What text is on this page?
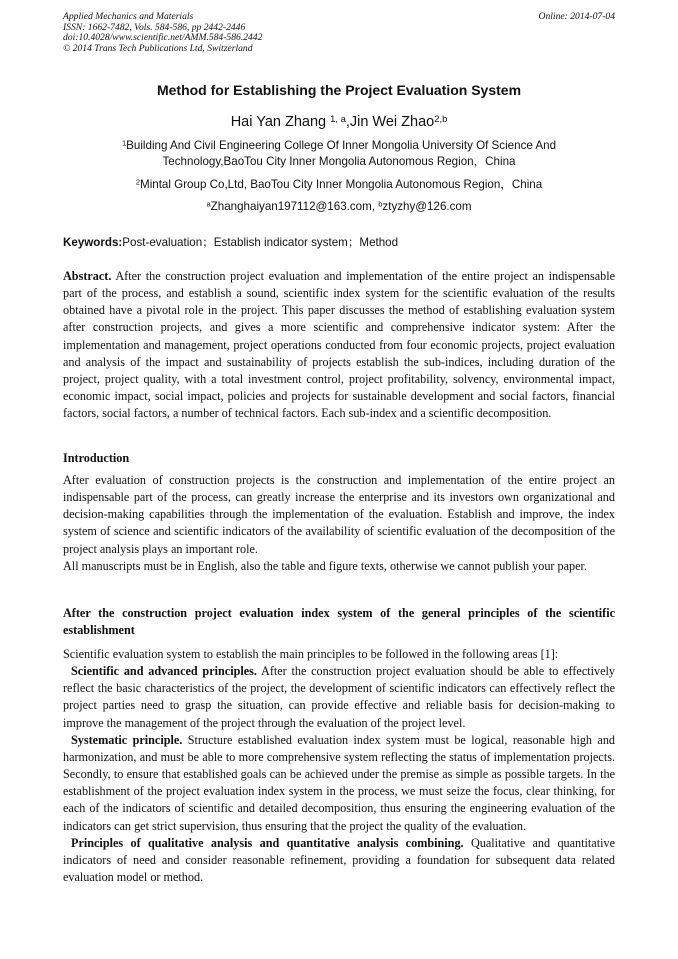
Applied Mechanics and Materials
ISSN: 1662-7482, Vols. 584-586, pp 2442-2446
doi:10.4028/www.scientific.net/AMM.584-586.2442
© 2014 Trans Tech Publications Ltd, Switzerland
Online: 2014-07-04
Method for Establishing the Project Evaluation System
Hai Yan Zhang $^{1, a}$,Jin Wei Zhao$^{2,b}$
$^1$Building And Civil Engineering College Of Inner Mongolia University Of Science And
Technology,BaoTou City Inner Mongolia Autonomous Region，China
$^2$Mintal Group Co,Ltd, BaoTou City Inner Mongolia Autonomous Region，China
$^a$Zhanghaiyan197112@163.com, $^b$ztyzhy@126.com
Keywords:Post-evaluation；Establish indicator system；Method

Abstract. After the construction project evaluation and implementation of the entire project an indispensable part of the process, and establish a sound, scientific index system for the scientific evaluation of the results obtained have a pivotal role in the project. This paper discusses the method of establishing evaluation system after construction projects, and gives a more scientific and comprehensive indicator system: After the implementation and management, project operations conducted from four economic projects, project evaluation and analysis of the impact and sustainability of projects establish the sub-indices, including duration of the project, project quality, with a total investment control, project profitability, solvency, environmental impact, economic impact, social impact, policies and projects for sustainable development and social factors, financial factors, social factors, a number of technical factors. Each sub-index and a scientific decomposition.

Introduction

After evaluation of construction projects is the construction and implementation of the entire project an indispensable part of the process, can greatly increase the enterprise and its investors own organizational and decision-making capabilities through the implementation of the evaluation. Establish and improve, the index system of science and scientific indicators of the availability of scientific evaluation of the decomposition of the project analysis plays an important role.

All manuscripts must be in English, also the table and figure texts, otherwise we cannot publish your paper.

After the construction project evaluation index system of the general principles of the scientific establishment

Scientific evaluation system to establish the main principles to be followed in the following areas [1]:

Scientific and advanced principles. After the construction project evaluation should be able to effectively reflect the basic characteristics of the project, the development of scientific indicators can effectively reflect the project parties need to grasp the situation, can provide effective and reliable basis for decision-making to improve the management of the project through the evaluation of the project level.

Systematic principle. Structure established evaluation index system must be logical, reasonable high and harmonization, and must be able to more comprehensive system reflecting the status of implementation projects. Secondly, to ensure that established goals can be achieved under the premise as simple as possible targets. In the establishment of the project evaluation index system in the process, we must seize the focus, clear thinking, for each of the indicators of scientific and detailed decomposition, thus ensuring the engineering evaluation of the indicators can get strict supervision, thus ensuring that the project the quality of the evaluation.

Principles of qualitative analysis and quantitative analysis combining. Qualitative and quantitative indicators of need and consider reasonable refinement, providing a foundation for subsequent data related evaluation model or method.
